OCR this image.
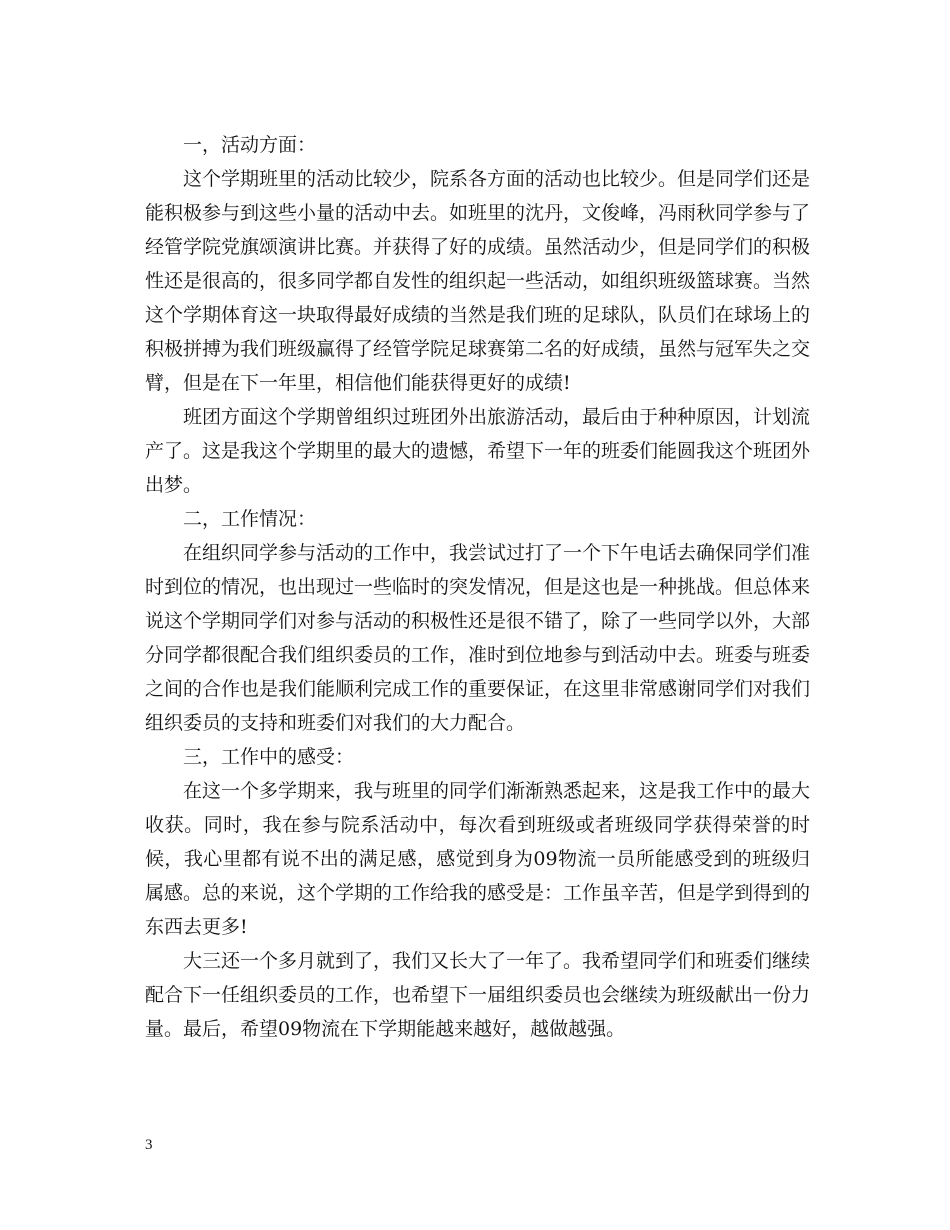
一，活动方面：

这个学期班里的活动比较少，院系各方面的活动也比较少。但是同学们还是能积极参与到这些小量的活动中去。如班里的沈丹，文俊峰，冯雨秋同学参与了经管学院党旗颂演讲比赛。并获得了好的成绩。虽然活动少，但是同学们的积极性还是很高的，很多同学都自发性的组织起一些活动，如组织班级篮球赛。当然这个学期体育这一块取得最好成绩的当然是我们班的足球队，队员们在球场上的积极拼搏为我们班级赢得了经管学院足球赛第二名的好成绩，虽然与冠军失之交臂，但是在下一年里，相信他们能获得更好的成绩!

班团方面这个学期曾组织过班团外出旅游活动，最后由于种种原因，计划流产了。这是我这个学期里的最大的遗憾，希望下一年的班委们能圆我这个班团外出梦。

二，工作情况：

在组织同学参与活动的工作中，我尝试过打了一个下午电话去确保同学们准时到位的情况，也出现过一些临时的突发情况，但是这也是一种挑战。但总体来说这个学期同学们对参与活动的积极性还是很不错了，除了一些同学以外，大部分同学都很配合我们组织委员的工作，准时到位地参与到活动中去。班委与班委之间的合作也是我们能顺利完成工作的重要保证，在这里非常感谢同学们对我们组织委员的支持和班委们对我们的大力配合。

三，工作中的感受：

在这一个多学期来，我与班里的同学们渐渐熟悉起来，这是我工作中的最大收获。同时，我在参与院系活动中，每次看到班级或者班级同学获得荣誉的时候，我心里都有说不出的满足感，感觉到身为09物流一员所能感受到的班级归属感。总的来说，这个学期的工作给我的感受是：工作虽辛苦，但是学到得到的东西去更多!

大三还一个多月就到了，我们又长大了一年了。我希望同学们和班委们继续配合下一任组织委员的工作，也希望下一届组织委员也会继续为班级献出一份力量。最后，希望09物流在下学期能越来越好，越做越强。

3
